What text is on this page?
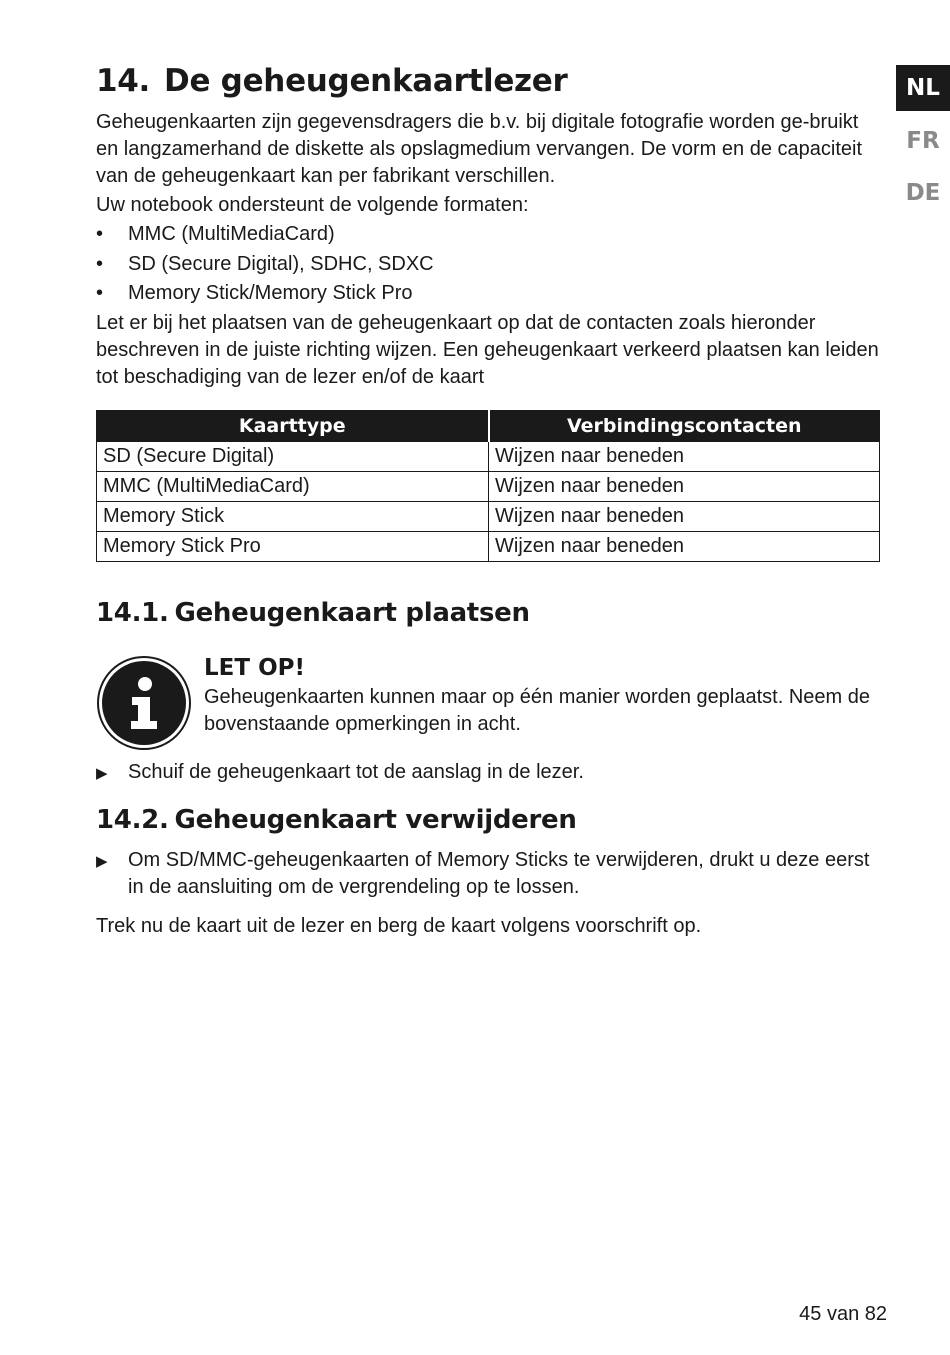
NL
FR
DE
14. De geheugenkaartlezer

Geheugenkaarten zijn gegevensdragers die b.v. bij digitale fotografie worden ge-bruikt en langzamerhand de diskette als opslagmedium vervangen. De vorm en de capaciteit van de geheugenkaart kan per fabrikant verschillen.

Uw notebook ondersteunt de volgende formaten:

• MMC (MultiMediaCard)
• SD (Secure Digital), SDHC, SDXC
• Memory Stick/Memory Stick Pro

Let er bij het plaatsen van de geheugenkaart op dat de contacten zoals hieronder beschreven in de juiste richting wijzen. Een geheugenkaart verkeerd plaatsen kan leiden tot beschadiging van de lezer en/of de kaart

Kaarttype	Verbindingscontacten
SD (Secure Digital)	Wijzen naar beneden
MMC (MultiMediaCard)	Wijzen naar beneden
Memory Stick	Wijzen naar beneden
Memory Stick Pro	Wijzen naar beneden
14.1. Geheugenkaart plaatsen

LET OP!

Geheugenkaarten kunnen maar op één manier worden geplaatst. Neem de bovenstaande opmerkingen in acht.

▶ Schuif de geheugenkaart tot de aanslag in de lezer.
14.2. Geheugenkaart verwijderen
▶ Om SD/MMC-geheugenkaarten of Memory Sticks te verwijderen, drukt u deze eerst in de aansluiting om de vergrendeling op te lossen.

Trek nu de kaart uit de lezer en berg de kaart volgens voorschrift op.

45 van 82
